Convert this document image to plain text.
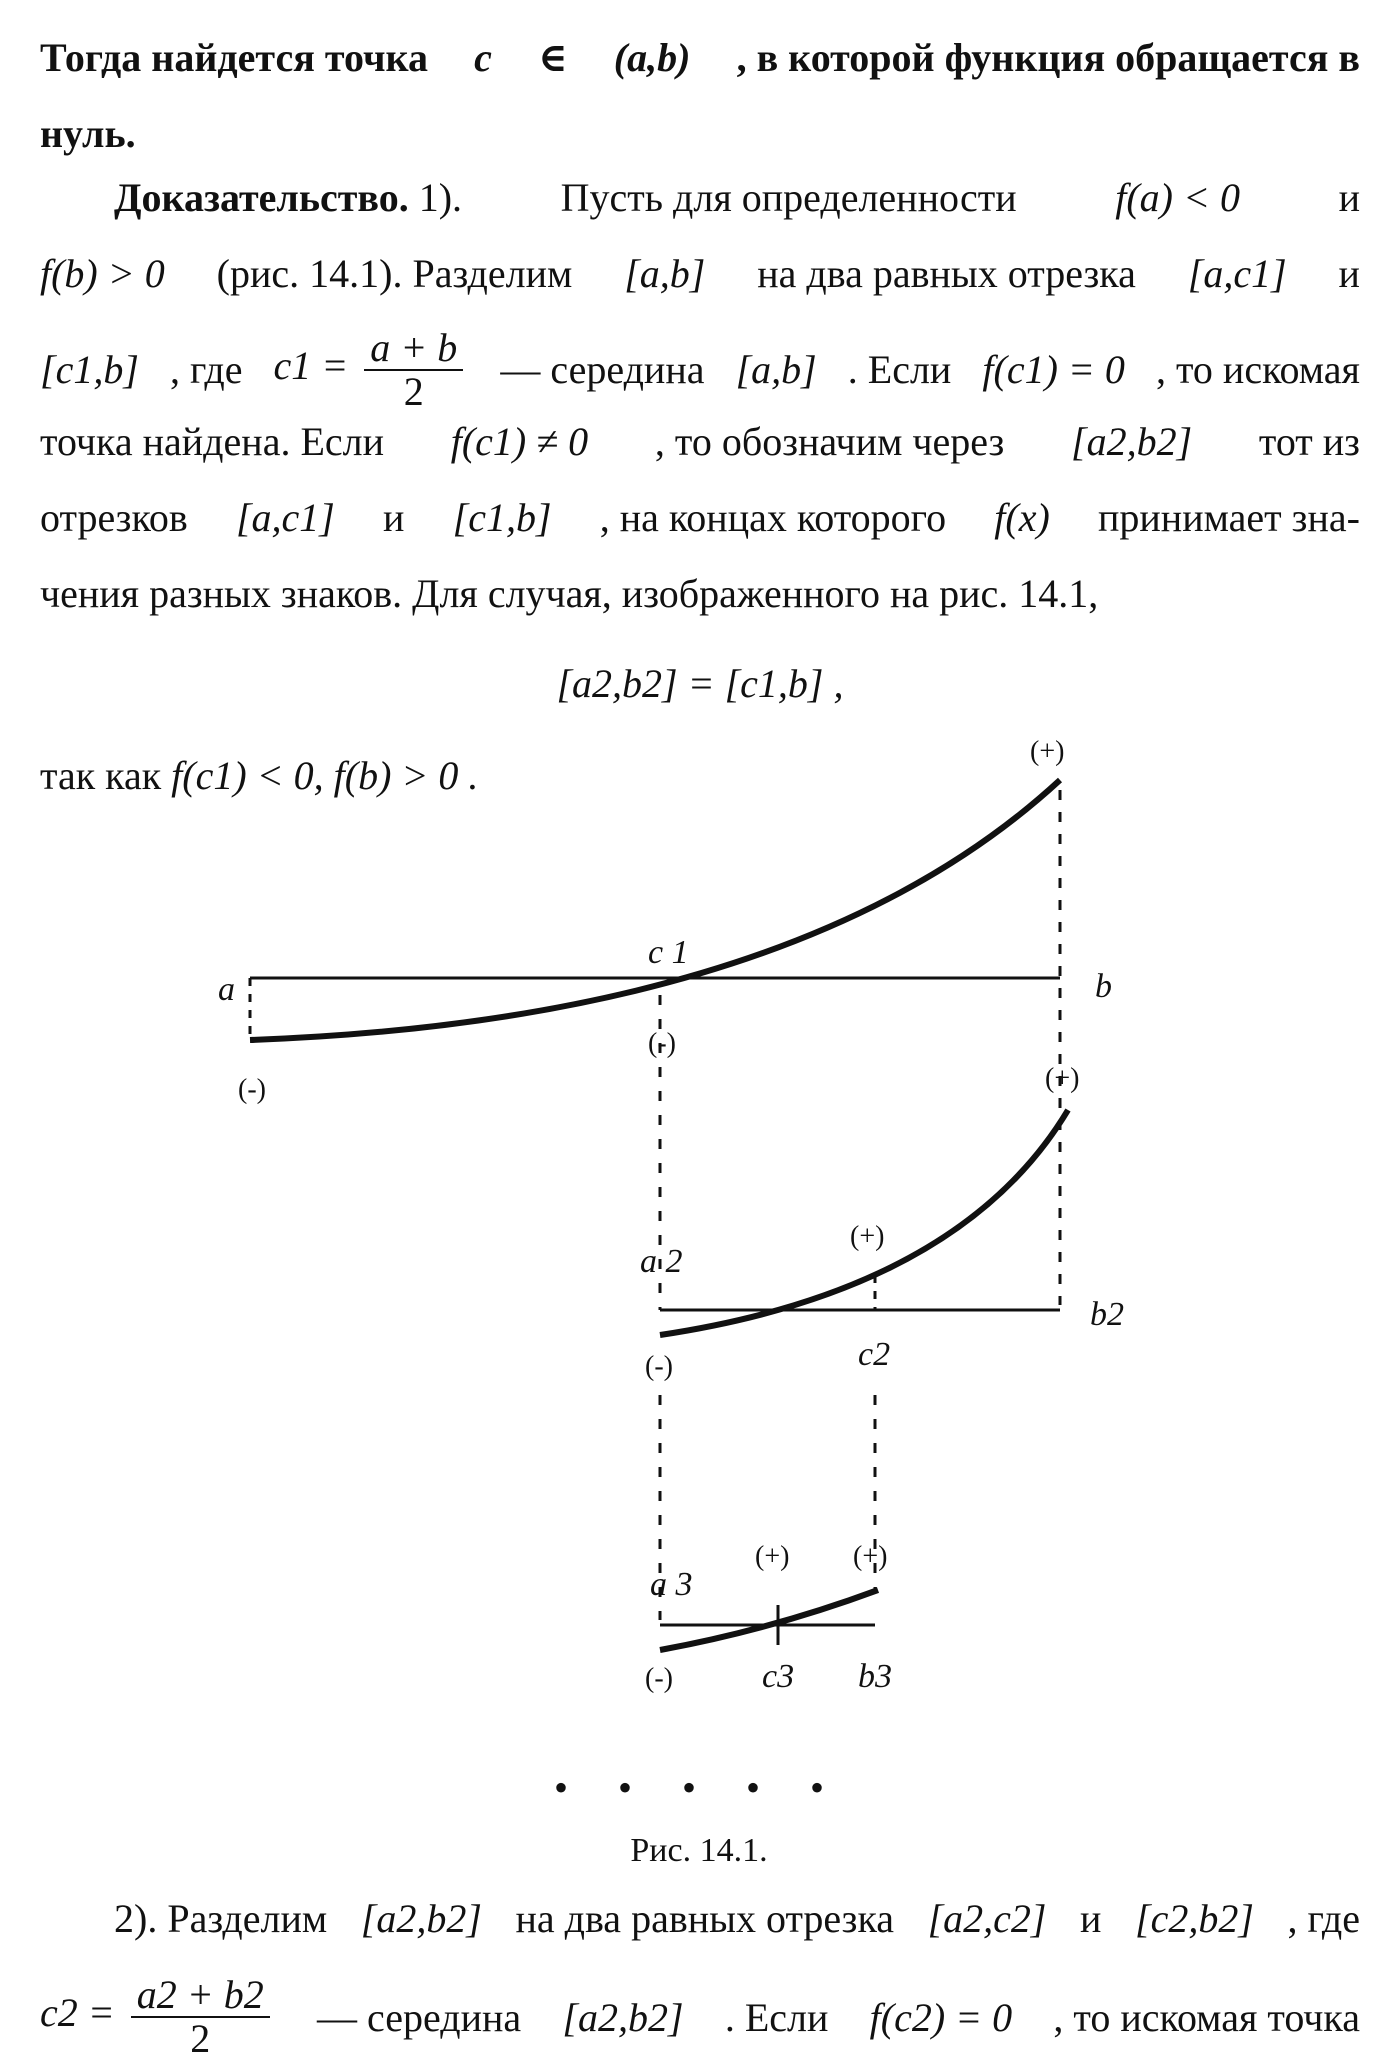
Тогда найдется точка c ∈ (a,b) , в которой функция обращается в
нуль.
Доказательство. 1). Пусть для определенности f(a) < 0 и
f(b) > 0 (рис. 14.1). Разделим [a,b] на два равных отрезка [a,c1] и
[c1,b] , где $c1 = \frac{a + b}{2}$ — середина [a,b] . Если f(c1) = 0 , то искомая
точка найдена. Если f(c1) ≠ 0 , то обозначим через [a2,b2] тот из
отрезков [a,c1] и [c1,b] , на концах которого f(x) принимает зна-
чения разных знаков. Для случая, изображенного на рис. 14.1,
[a2,b2] = [c1,b] ,
так как f(c1) < 0, f(b) > 0 .
a	b
c 1
a 2
b2
c2
a 3
b3
c3
(+)
(-)
(-)	(+)
(+)
(-)
(+) (+)
(-)
• • • • •
Рис. 14.1.
2). Разделим [a2,b2] на два равных отрезка [a2,c2] и [c2,b2] , где
$c2 = \frac{a2 + b2}{2}$ — середина [a2,b2] . Если f(c2) = 0 , то искомая точка
